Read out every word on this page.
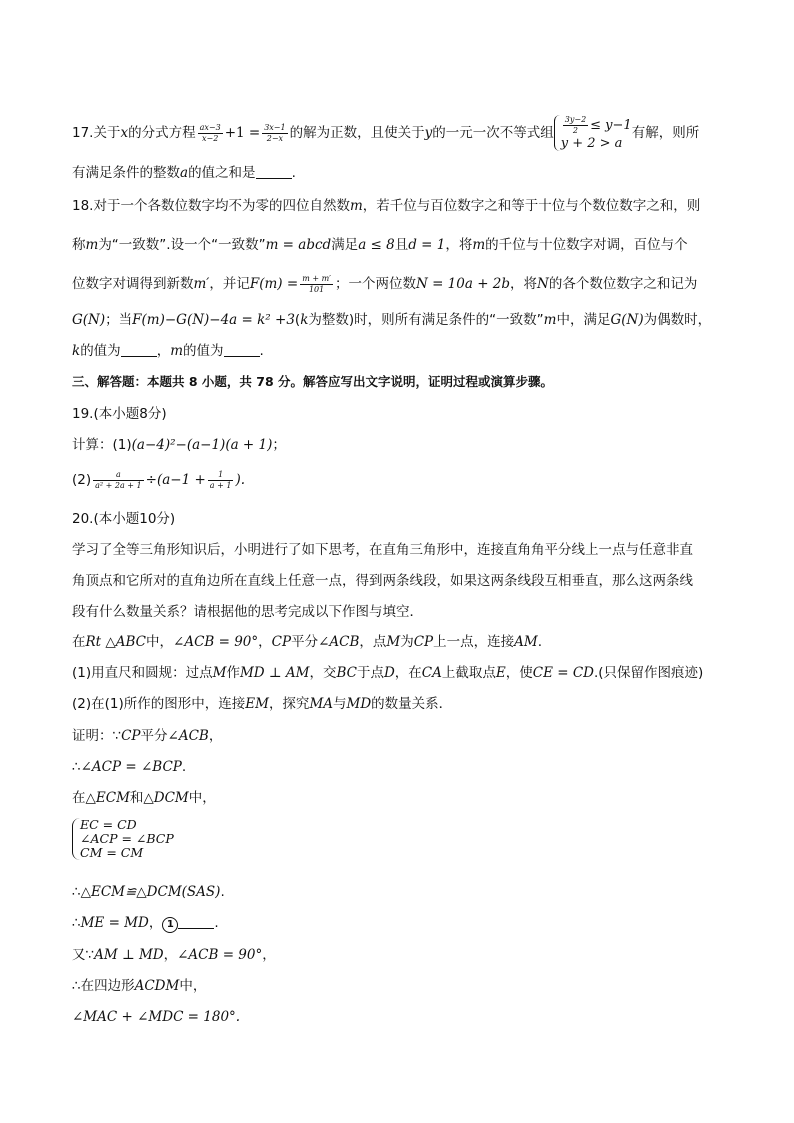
17.关于x的分式方程 $\frac{ax-3}{x-2} +1 = \frac{3x-1}{2-x}$ 的解为正数，且使关于y的一元一次不等式组 $\frac{3y-2}{2} \le y-1$
y + 2 > a
有解，则所
有满足条件的整数a的值之和是	.
18.对于一个各数位数字均不为零的四位自然数m，若千位与百位数字之和等于十位与个数位数字之和，则
称m为“一致数”.设一个“一致数”m = abcd满足a ≤ 8且d = 1，将m的千位与十位数字对调，百位与个
位数字对调得到新数m′，并记$F(m) = \frac{m + m'}{101}$ ；一个两位数N = 10a + 2b，将N的各个数位数字之和记为
G(N)；当F(m)−G(N)−4a = k² +3(k为整数)时，则所有满足条件的“一致数”m中，满足G(N)为偶数时，
k的值为	，m的值为	.
三、解答题：本题共 8 小题，共 78 分。解答应写出文字说明，证明过程或演算步骤。
19.(本小题8分)
计算：(1)(a−4)²−(a−1)(a + 1)；
$(2) \frac{a}{\text{a² + 2a + 1}} \div(a-1 + \frac{1}{a + 1}$ ).
20.(本小题10分)
学习了全等三角形知识后，小明进行了如下思考，在直角三角形中，连接直角角平分线上一点与任意非直
角顶点和它所对的直角边所在直线上任意一点，得到两条线段，如果这两条线段互相垂直，那么这两条线
段有什么数量关系？请根据他的思考完成以下作图与填空．
在Rt △ABC中，∠ACB = 90°，CP平分∠ACB，点M为CP上一点，连接AM.
(1)用直尺和圆规：过点M作MD ⊥ AM，交BC于点D，在CA上截取点E，使CE = CD.(只保留作图痕迹)
(2)在(1)所作的图形中，连接EM，探究MA与MD的数量关系．
证明：∵CP平分∠ACB，
∴∠ACP = ∠BCP.
在△ECM和△DCM中，
EC = CD
∠ACP = ∠BCP
CM = CM
∴△ECM≌△DCM(SAS).
∴ME = MD， 1	.
又∵AM ⊥ MD，∠ACB = 90°，
∴在四边形ACDM中，
∠MAC + ∠MDC = 180°.
